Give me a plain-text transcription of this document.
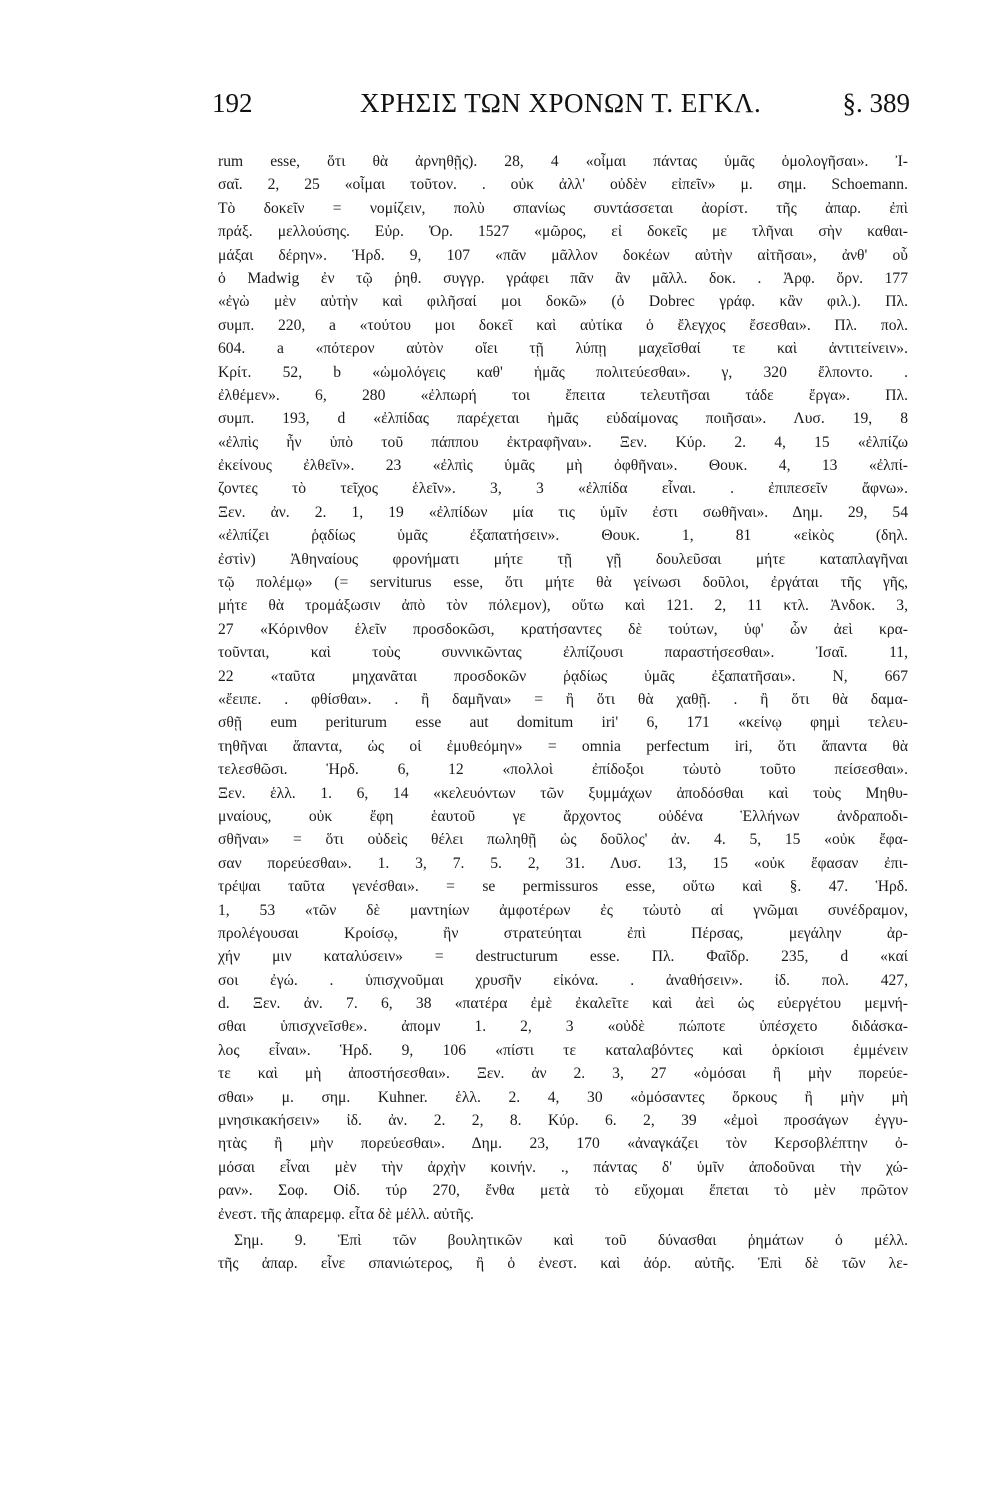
192	ΧΡΗΣΙΣ ΤΩΝ ΧΡΟΝΩΝ Τ. ΕΓΚΛ.	§. 389
rum esse, ὅτι θὰ ἀρνηθῇς). 28, 4 «οἶμαι πάντας ὑμᾶς ὁμολογῆσαι». Ἰ-
σαῖ. 2, 25 «οἶμαι τοῦτον. . οὐκ ἀλλ' οὐδὲν εἰπεῖν» μ. σημ. Schoemann.
Τὸ δοκεῖν = νομίζειν, πολὺ σπανίως συντάσσεται ἀορίστ. τῆς ἀπαρ. ἐπὶ
πράξ. μελλούσης. Εὐρ. Ὀρ. 1527 «μῶρος, εἰ δοκεῖς με τλῆναι σὴν καθαι-
μάξαι δέρην». Ἡρδ. 9, 107 «πᾶν μᾶλλον δοκέων αὐτὴν αἰτῆσαι», ἀνθ' οὗ
ὁ Madwig ἐν τῷ ῥηθ. συγγρ. γράφει πᾶν ἂν μᾶλλ. δοκ. . Ἀρφ. ὄρν. 177
«ἐγὼ μὲν αὐτὴν καὶ φιλῆσαί μοι δοκῶ» (ὁ Dobrec γράφ. κἂν φιλ.). Πλ.
συμπ. 220, a «τούτου μοι δοκεῖ καὶ αὐτίκα ὁ ἔλεγχος ἔσεσθαι». Πλ. πολ.
604. a «πότερον αὐτὸν οἴει τῇ λύπῃ μαχεῖσθαί τε καὶ ἀντιτείνειν».
Κρίτ. 52, b «ὡμολόγεις καθ' ἡμᾶς πολιτεύεσθαι». γ, 320 ἔλποντο. .
ἐλθέμεν». 6, 280 «ἐλπωρή τοι ἔπειτα τελευτῆσαι τάδε ἔργα». Πλ.
συμπ. 193, d «ἐλπίδας παρέχεται ἡμᾶς εὐδαίμονας ποιῆσαι». Λυσ. 19, 8
«ἐλπὶς ἦν ὑπὸ τοῦ πάππου ἐκτραφῆναι». Ξεν. Κύρ. 2. 4, 15 «ἐλπίζω
ἐκείνους ἐλθεῖν». 23 «ἐλπὶς ὑμᾶς μὴ ὀφθῆναι». Θουκ. 4, 13 «ἐλπί-
ζοντες τὸ τεῖχος ἑλεῖν». 3, 3 «ἐλπίδα εἶναι. . ἐπιπεσεῖν ἄφνω».
Ξεν. ἀν. 2. 1, 19 «ἐλπίδων μία τις ὑμῖν ἐστι σωθῆναι». Δημ. 29, 54
«ἐλπίζει ῥᾳδίως ὑμᾶς ἐξαπατήσειν». Θουκ. 1, 81 «εἰκὸς (δηλ.
ἐστὶν) Ἀθηναίους φρονήματι μήτε τῇ γῇ δουλεῦσαι μήτε καταπλαγῆναι
τῷ πολέμῳ» (= serviturus esse, ὅτι μήτε θὰ γείνωσι δοῦλοι, ἐργάται τῆς γῆς,
μήτε θὰ τρομάξωσιν ἀπὸ τὸν πόλεμον), οὕτω καὶ 121. 2, 11 κτλ. Ἀνδοκ. 3,
27 «Κόρινθον ἑλεῖν προσδοκῶσι, κρατήσαντες δὲ τούτων, ὑφ' ὧν ἀεὶ κρα-
τοῦνται, καὶ τοὺς συννικῶντας ἐλπίζουσι παραστήσεσθαι». Ἰσαῖ. 11,
22 «ταῦτα μηχανᾶται προσδοκῶν ῥᾳδίως ὑμᾶς ἐξαπατῆσαι». Ν, 667
«ἔειπε. . φθίσθαι». . ἢ δαμῆναι» = ἢ ὅτι θὰ χαθῇ. . ἢ ὅτι θὰ δαμα-
σθῇ eum periturum esse aut domitum iri' 6, 171 «κείνῳ φημὶ τελευ-
τηθῆναι ἅπαντα, ὡς οἱ ἐμυθεόμην» = omnia perfectum iri, ὅτι ἅπαντα θὰ
τελεσθῶσι. Ἡρδ. 6, 12 «πολλοὶ ἐπίδοξοι τὠυτὸ τοῦτο πείσεσθαι».
Ξεν. ἑλλ. 1. 6, 14 «κελευόντων τῶν ξυμμάχων ἀποδόσθαι καὶ τοὺς Μηθυ-
μναίους, οὐκ ἔφη ἑαυτοῦ γε ἄρχοντος οὐδένα Ἑλλήνων ἀνδραποδι-
σθῆναι» = ὅτι οὐδεὶς θέλει πωληθῇ ὡς δοῦλος' ἀν. 4. 5, 15 «οὐκ ἔφα-
σαν πορεύεσθαι». 1. 3, 7. 5. 2, 31. Λυσ. 13, 15 «οὐκ ἔφασαν ἐπι-
τρέψαι ταῦτα γενέσθαι». = se permissuros esse, οὕτω καὶ §. 47. Ἡρδ.
1, 53 «τῶν δὲ μαντηίων ἀμφοτέρων ἐς τὠυτὸ αἱ γνῶμαι συνέδραμον,
προλέγουσαι Κροίσῳ, ἢν στρατεύηται ἐπὶ Πέρσας, μεγάλην ἀρ-
χήν μιν καταλύσειν» = destructurum esse. Πλ. Φαῖδρ. 235, d «καί
σοι ἐγώ. . ὑπισχνοῦμαι χρυσῆν εἰκόνα. . ἀναθήσειν». ἰδ. πολ. 427,
d. Ξεν. ἀν. 7. 6, 38 «πατέρα ἐμὲ ἐκαλεῖτε καὶ ἀεὶ ὡς εὐεργέτου μεμνή-
σθαι ὑπισχνεῖσθε». ἀπομν 1. 2, 3 «οὐδὲ πώποτε ὑπέσχετο διδάσκα-
λος εἶναι». Ἡρδ. 9, 106 «πίστι τε καταλαβόντες καὶ ὁρκίοισι ἐμμένειν
τε καὶ μὴ ἀποστήσεσθαι». Ξεν. ἀν 2. 3, 27 «ὀμόσαι ἢ μὴν πορεύε-
σθαι» μ. σημ. Kuhner. ἑλλ. 2. 4, 30 «ὀμόσαντες ὅρκους ἢ μὴν μὴ
μνησικακήσειν» ἰδ. ἀν. 2. 2, 8. Κύρ. 6. 2, 39 «ἐμοὶ προσάγων ἐγγυ-
ητὰς ἢ μὴν πορεύεσθαι». Δημ. 23, 170 «ἀναγκάζει τὸν Κερσοβλέπτην ὀ-
μόσαι εἶναι μὲν τὴν ἀρχὴν κοινήν. ., πάντας δ' ὑμῖν ἀποδοῦναι τὴν χώ-
ραν». Σοφ. Οἰδ. τύρ 270, ἔνθα μετὰ τὸ εὔχομαι ἕπεται τὸ μὲν πρῶτον
ἐνεστ. τῆς ἀπαρεμφ. εἶτα δὲ μέλλ. αὐτῆς.
Σημ. 9. Ἐπὶ τῶν βουλητικῶν καὶ τοῦ δύνασθαι ῥημάτων ὁ μέλλ.
τῆς ἀπαρ. εἶνε σπανιώτερος, ἢ ὁ ἐνεστ. καὶ ἀόρ. αὐτῆς. Ἐπὶ δὲ τῶν λε-
